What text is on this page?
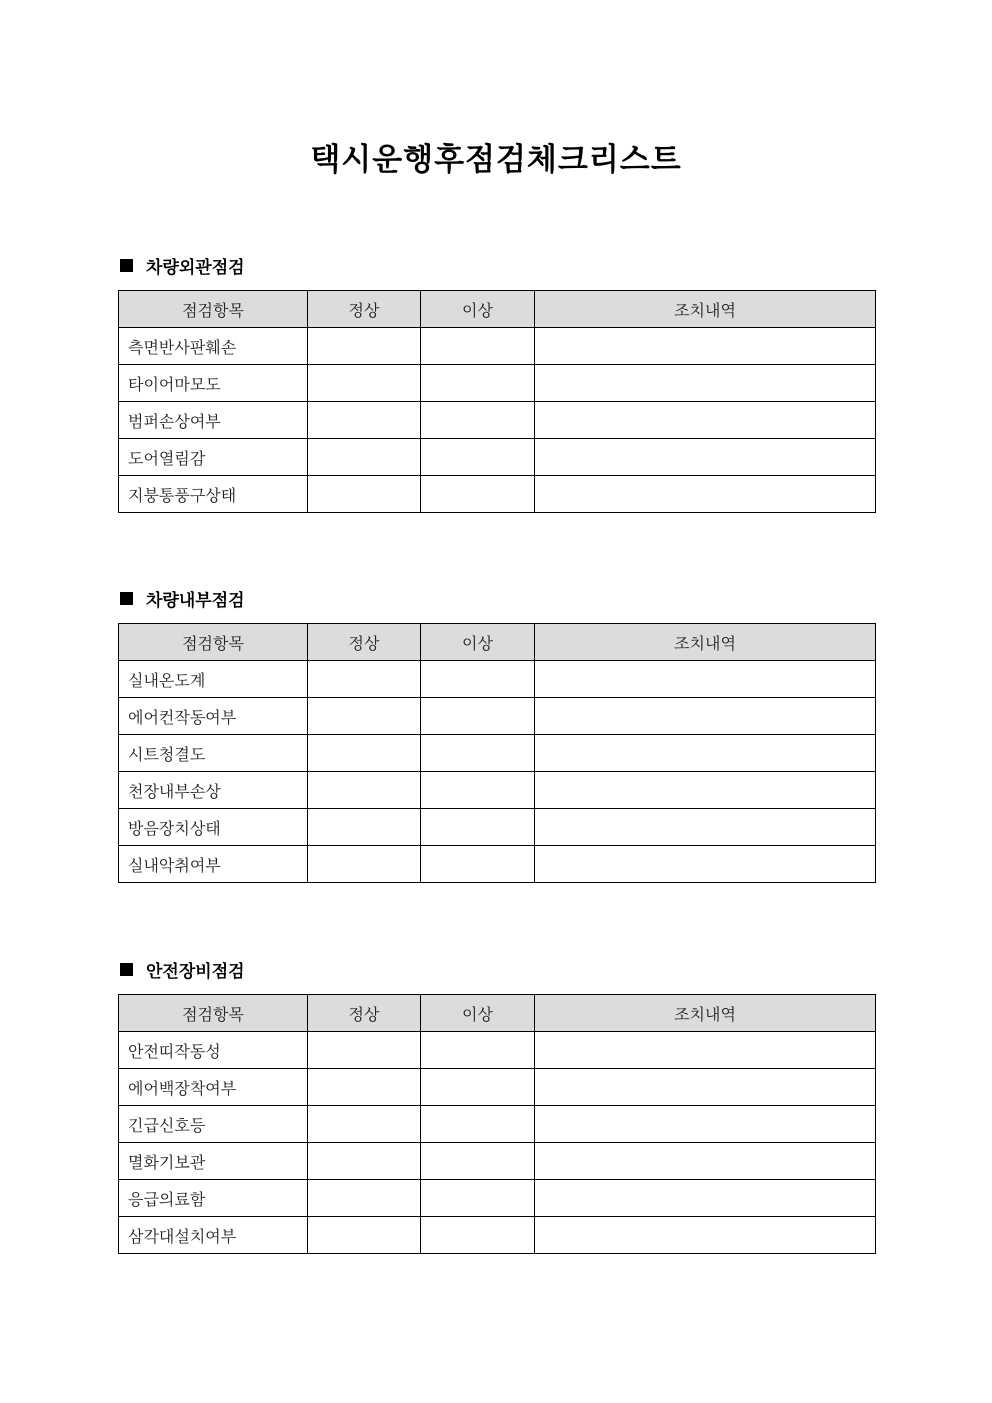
택시운행후점검체크리스트
차량외관점검
점검항목	정상	이상	조치내역
측면반사판훼손			
타이어마모도			
범퍼손상여부			
도어열림감			
지붕통풍구상태			
차량내부점검
점검항목	정상	이상	조치내역
실내온도계			
에어컨작동여부			
시트청결도			
천장내부손상			
방음장치상태			
실내악취여부			
안전장비점검
점검항목	정상	이상	조치내역
안전띠작동성			
에어백장착여부			
긴급신호등			
멸화기보관			
응급의료함			
삼각대설치여부			
